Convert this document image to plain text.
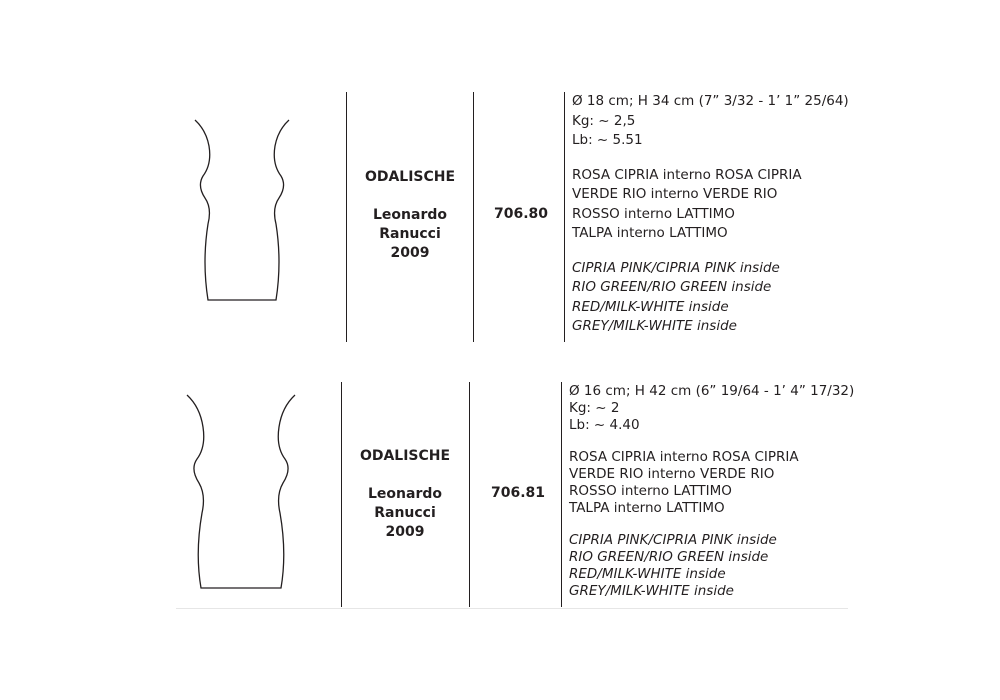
ODALISCHE
Leonardo
Ranucci
2009
706.80
Ø 18 cm; H 34 cm (7” 3/32 - 1’ 1” 25/64)
Kg: ~ 2,5
Lb: ~ 5.51
ROSA CIPRIA interno ROSA CIPRIA
VERDE RIO interno VERDE RIO
ROSSO interno LATTIMO
TALPA interno LATTIMO
CIPRIA PINK/CIPRIA PINK inside
RIO GREEN/RIO GREEN inside
RED/MILK-WHITE inside
GREY/MILK-WHITE inside
ODALISCHE
Leonardo
Ranucci
2009
706.81
Ø 16 cm; H 42 cm (6” 19/64 - 1’ 4” 17/32)
Kg: ~ 2
Lb: ~ 4.40
ROSA CIPRIA interno ROSA CIPRIA
VERDE RIO interno VERDE RIO
ROSSO interno LATTIMO
TALPA interno LATTIMO
CIPRIA PINK/CIPRIA PINK inside
RIO GREEN/RIO GREEN inside
RED/MILK-WHITE inside
GREY/MILK-WHITE inside
